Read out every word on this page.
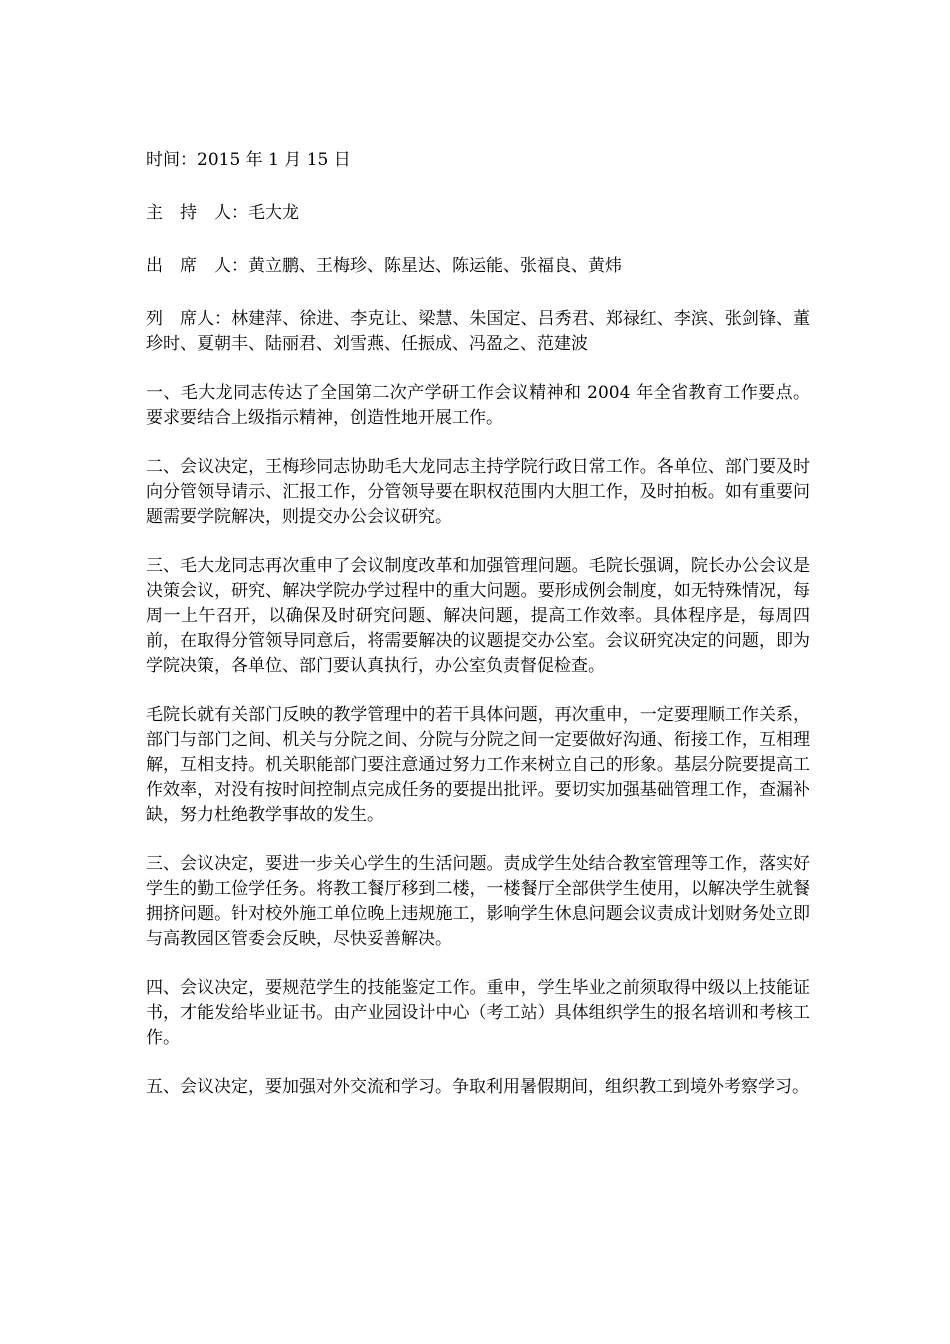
时间：2015 年 1 月 15 日

主　持　人：毛大龙

出　席　人：黄立鹏、王梅珍、陈星达、陈运能、张福良、黄炜

列　席人：林建萍、徐进、李克让、梁慧、朱国定、吕秀君、郑禄红、李滨、张剑锋、董珍时、夏朝丰、陆丽君、刘雪燕、任振成、冯盈之、范建波

一、毛大龙同志传达了全国第二次产学研工作会议精神和 2004 年全省教育工作要点。要求要结合上级指示精神，创造性地开展工作。

二、会议决定，王梅珍同志协助毛大龙同志主持学院行政日常工作。各单位、部门要及时向分管领导请示、汇报工作，分管领导要在职权范围内大胆工作，及时拍板。如有重要问题需要学院解决，则提交办公会议研究。

三、毛大龙同志再次重申了会议制度改革和加强管理问题。毛院长强调，院长办公会议是决策会议，研究、解决学院办学过程中的重大问题。要形成例会制度，如无特殊情况，每周一上午召开，以确保及时研究问题、解决问题，提高工作效率。具体程序是，每周四前，在取得分管领导同意后，将需要解决的议题提交办公室。会议研究决定的问题，即为学院决策，各单位、部门要认真执行，办公室负责督促检查。

毛院长就有关部门反映的教学管理中的若干具体问题，再次重申，一定要理顺工作关系，部门与部门之间、机关与分院之间、分院与分院之间一定要做好沟通、衔接工作，互相理解，互相支持。机关职能部门要注意通过努力工作来树立自己的形象。基层分院要提高工作效率，对没有按时间控制点完成任务的要提出批评。要切实加强基础管理工作，查漏补缺，努力杜绝教学事故的发生。

三、会议决定，要进一步关心学生的生活问题。责成学生处结合教室管理等工作，落实好学生的勤工俭学任务。将教工餐厅移到二楼，一楼餐厅全部供学生使用，以解决学生就餐拥挤问题。针对校外施工单位晚上违规施工，影响学生休息问题会议责成计划财务处立即与高教园区管委会反映，尽快妥善解决。

四、会议决定，要规范学生的技能鉴定工作。重申，学生毕业之前须取得中级以上技能证书，才能发给毕业证书。由产业园设计中心（考工站）具体组织学生的报名培训和考核工作。

五、会议决定，要加强对外交流和学习。争取利用暑假期间，组织教工到境外考察学习。
